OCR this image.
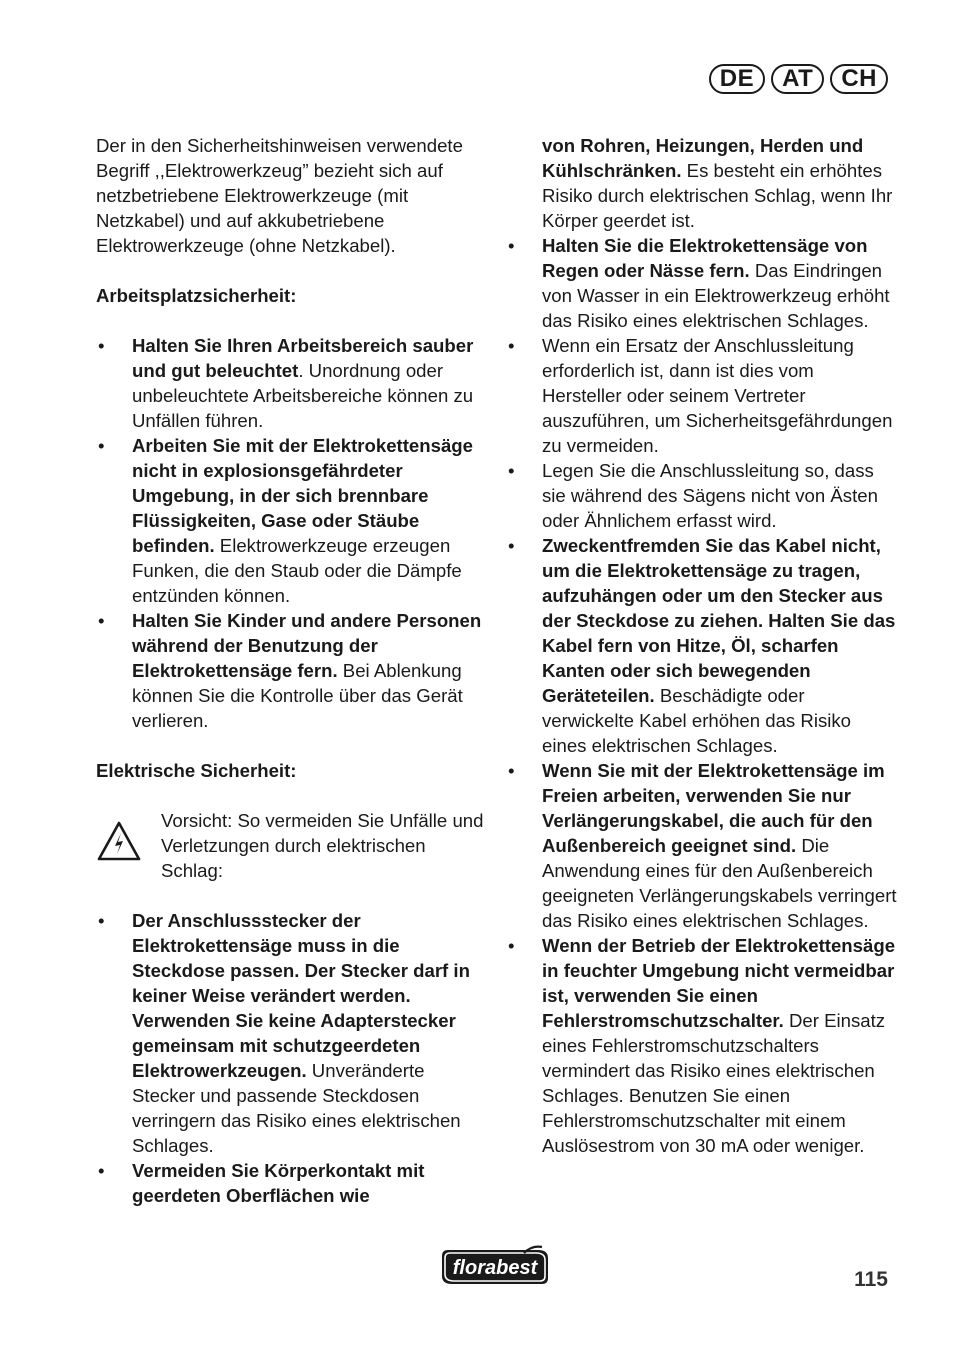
DE	AT	CH

Der in den Sicherheitshinweisen verwendete Begriff ,,Elektrowerkzeug” bezieht sich auf netzbetriebene Elektrowerkzeuge (mit Netzkabel) und auf akkubetriebene Elektrowerkzeuge (ohne Netzkabel).

Arbeitsplatzsicherheit:

• Halten Sie Ihren Arbeitsbereich sauber und gut beleuchtet. Unordnung oder unbeleuchtete Arbeitsbereiche können zu Unfällen führen.
• Arbeiten Sie mit der Elektrokettensäge nicht in explosionsgefährdeter Umgebung, in der sich brennbare Flüssigkeiten, Gase oder Stäube befinden. Elektrowerkzeuge erzeugen Funken, die den Staub oder die Dämpfe entzünden können.
• Halten Sie Kinder und andere Personen während der Benutzung der Elektrokettensäge fern. Bei Ablenkung können Sie die Kontrolle über das Gerät verlieren.

Elektrische Sicherheit:

Vorsicht: So vermeiden Sie Unfälle und Verletzungen durch elektrischen Schlag:

• Der Anschlussstecker der Elektrokettensäge muss in die Steckdose passen. Der Stecker darf in keiner Weise verändert werden. Verwenden Sie keine Adapterstecker gemeinsam mit schutzgeerdeten Elektrowerkzeugen. Unveränderte Stecker und passende Steckdosen verringern das Risiko eines elektrischen Schlages.
• Vermeiden Sie Körperkontakt mit geerdeten Oberflächen wie

von Rohren, Heizungen, Herden und Kühlschränken. Es besteht ein erhöhtes Risiko durch elektrischen Schlag, wenn Ihr Körper geerdet ist.

• Halten Sie die Elektrokettensäge von Regen oder Nässe fern. Das Eindringen von Wasser in ein Elektrowerkzeug erhöht das Risiko eines elektrischen Schlages.
• Wenn ein Ersatz der Anschlussleitung erforderlich ist, dann ist dies vom Hersteller oder seinem Vertreter auszuführen, um Sicherheitsgefährdungen zu vermeiden.
• Legen Sie die Anschlussleitung so, dass sie während des Sägens nicht von Ästen oder Ähnlichem erfasst wird.
• Zweckentfremden Sie das Kabel nicht, um die Elektrokettensäge zu tragen, aufzuhängen oder um den Stecker aus der Steckdose zu ziehen. Halten Sie das Kabel fern von Hitze, Öl, scharfen Kanten oder sich bewegenden Geräteteilen. Beschädigte oder verwickelte Kabel erhöhen das Risiko eines elektrischen Schlages.
• Wenn Sie mit der Elektrokettensäge im Freien arbeiten, verwenden Sie nur Verlängerungskabel, die auch für den Außenbereich geeignet sind. Die Anwendung eines für den Außenbereich geeigneten Verlängerungskabels verringert das Risiko eines elektrischen Schlages.
• Wenn der Betrieb der Elektrokettensäge in feuchter Umgebung nicht vermeidbar ist, verwenden Sie einen Fehlerstromschutzschalter. Der Einsatz eines Fehlerstromschutzschalters vermindert das Risiko eines elektrischen Schlages. Benutzen Sie einen Fehlerstromschutzschalter mit einem Auslösestrom von 30 mA oder weniger.
florabest	115
